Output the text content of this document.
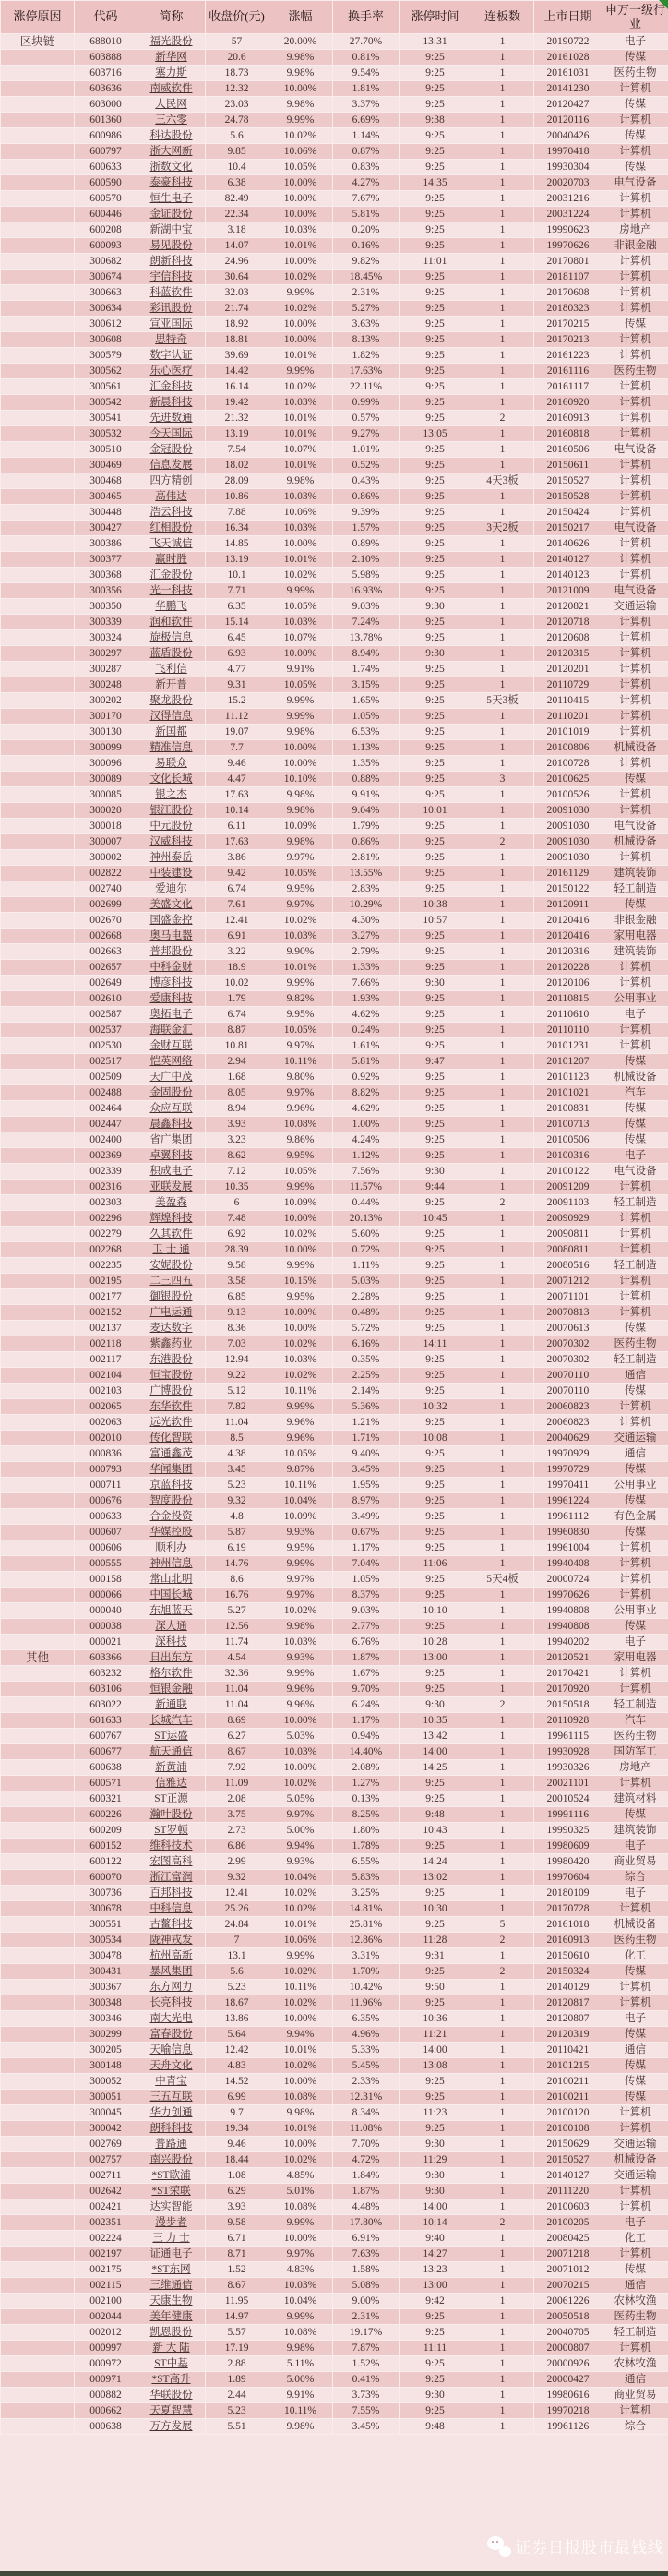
涨停原因	代码	简称	收盘价(元)	涨幅	换手率	涨停时间	连板数	上市日期	申万一级行业
区块链	688010	福光股份	57	20.00%	27.70%	13:31	1	20190722	电子
	603888	新华网	20.6	9.98%	0.81%	9:25	1	20161028	传媒
	603716	塞力斯	18.73	9.98%	9.54%	9:25	1	20161031	医药生物
	603636	南威软件	12.32	10.00%	1.81%	9:25	1	20141230	计算机
	603000	人民网	23.03	9.98%	3.37%	9:25	1	20120427	传媒
	601360	三六零	24.78	9.99%	6.69%	9:38	1	20120116	计算机
	600986	科达股份	5.6	10.02%	1.14%	9:25	1	20040426	传媒
	600797	浙大网新	9.85	10.06%	0.87%	9:25	1	19970418	计算机
	600633	浙数文化	10.4	10.05%	0.83%	9:25	1	19930304	传媒
	600590	泰豪科技	6.38	10.00%	4.27%	14:35	1	20020703	电气设备
	600570	恒生电子	82.49	10.00%	7.67%	9:25	1	20031216	计算机
	600446	金证股份	22.34	10.00%	5.81%	9:25	1	20031224	计算机
	600208	新湖中宝	3.18	10.03%	0.20%	9:25	1	19990623	房地产
	600093	易见股份	14.07	10.01%	0.16%	9:25	1	19970626	非银金融
	300682	朗新科技	24.96	10.00%	9.82%	11:01	1	20170801	计算机
	300674	宇信科技	30.64	10.02%	18.45%	9:25	1	20181107	计算机
	300663	科蓝软件	32.03	9.99%	2.31%	9:25	1	20170608	计算机
	300634	彩讯股份	21.74	10.02%	5.27%	9:25	1	20180323	计算机
	300612	宣亚国际	18.92	10.00%	3.63%	9:25	1	20170215	传媒
	300608	思特奇	18.81	10.00%	8.13%	9:25	1	20170213	计算机
	300579	数字认证	39.69	10.01%	1.82%	9:25	1	20161223	计算机
	300562	乐心医疗	14.42	9.99%	17.63%	9:25	1	20161116	医药生物
	300561	汇金科技	16.14	10.02%	22.11%	9:25	1	20161117	计算机
	300542	新晨科技	19.42	10.03%	0.99%	9:25	1	20160920	计算机
	300541	先进数通	21.32	10.01%	0.57%	9:25	2	20160913	计算机
	300532	今天国际	13.19	10.01%	9.27%	13:05	1	20160818	计算机
	300510	金冠股份	7.54	10.07%	1.01%	9:25	1	20160506	电气设备
	300469	信息发展	18.02	10.01%	0.52%	9:25	1	20150611	计算机
	300468	四方精创	28.09	9.98%	0.43%	9:25	4天3板	20150527	计算机
	300465	高伟达	10.86	10.03%	0.86%	9:25	1	20150528	计算机
	300448	浩云科技	7.88	10.06%	9.39%	9:25	1	20150424	计算机
	300427	红相股份	16.34	10.03%	1.57%	9:25	3天2板	20150217	电气设备
	300386	飞天诚信	14.85	10.00%	0.89%	9:25	1	20140626	计算机
	300377	赢时胜	13.19	10.01%	2.10%	9:25	1	20140127	计算机
	300368	汇金股份	10.1	10.02%	5.98%	9:25	1	20140123	计算机
	300356	光一科技	7.71	9.99%	16.93%	9:25	1	20121009	电气设备
	300350	华鹏飞	6.35	10.05%	9.03%	9:30	1	20120821	交通运输
	300339	润和软件	15.14	10.03%	7.24%	9:25	1	20120718	计算机
	300324	旋极信息	6.45	10.07%	13.78%	9:25	1	20120608	计算机
	300297	蓝盾股份	6.93	10.00%	8.94%	9:30	1	20120315	计算机
	300287	飞利信	4.77	9.91%	1.74%	9:25	1	20120201	计算机
	300248	新开普	9.31	10.05%	3.15%	9:25	1	20110729	计算机
	300202	聚龙股份	15.2	9.99%	1.65%	9:25	5天3板	20110415	计算机
	300170	汉得信息	11.12	9.99%	1.05%	9:25	1	20110201	计算机
	300130	新国都	19.07	9.98%	6.53%	9:25	1	20101019	计算机
	300099	精准信息	7.7	10.00%	1.13%	9:25	1	20100806	机械设备
	300096	易联众	9.46	10.00%	1.35%	9:25	1	20100728	计算机
	300089	文化长城	4.47	10.10%	0.88%	9:25	3	20100625	传媒
	300085	银之杰	17.63	9.98%	9.91%	9:25	1	20100526	计算机
	300020	银江股份	10.14	9.98%	9.04%	10:01	1	20091030	计算机
	300018	中元股份	6.11	10.09%	1.79%	9:25	1	20091030	电气设备
	300007	汉威科技	17.63	9.98%	0.86%	9:25	2	20091030	机械设备
	300002	神州泰岳	3.86	9.97%	2.81%	9:25	1	20091030	计算机
	002822	中装建设	9.42	10.05%	13.55%	9:25	1	20161129	建筑装饰
	002740	爱迪尔	6.74	9.95%	2.83%	9:25	1	20150122	轻工制造
	002699	美盛文化	7.61	9.97%	10.29%	10:38	1	20120911	传媒
	002670	国盛金控	12.41	10.02%	4.30%	10:57	1	20120416	非银金融
	002668	奥马电器	6.91	10.03%	3.27%	9:25	1	20120416	家用电器
	002663	普邦股份	3.22	9.90%	2.79%	9:25	1	20120316	建筑装饰
	002657	中科金财	18.9	10.01%	1.33%	9:25	1	20120228	计算机
	002649	博彦科技	10.02	9.99%	7.66%	9:30	1	20120106	计算机
	002610	爱康科技	1.79	9.82%	1.93%	9:25	1	20110815	公用事业
	002587	奥拓电子	6.74	9.95%	4.62%	9:25	1	20110610	电子
	002537	海联金汇	8.87	10.05%	0.24%	9:25	1	20110110	计算机
	002530	金财互联	10.81	9.97%	1.61%	9:25	1	20101231	计算机
	002517	恺英网络	2.94	10.11%	5.81%	9:47	1	20101207	传媒
	002509	天广中茂	1.68	9.80%	0.92%	9:25	1	20101123	机械设备
	002488	金固股份	8.05	9.97%	8.82%	9:25	1	20101021	汽车
	002464	众应互联	8.94	9.96%	4.62%	9:25	1	20100831	传媒
	002447	晨鑫科技	3.93	10.08%	1.00%	9:25	1	20100713	传媒
	002400	省广集团	3.23	9.86%	4.24%	9:25	1	20100506	传媒
	002369	卓翼科技	8.62	9.95%	1.12%	9:25	1	20100316	电子
	002339	积成电子	7.12	10.05%	7.56%	9:30	1	20100122	电气设备
	002316	亚联发展	10.35	9.99%	11.57%	9:44	1	20091209	计算机
	002303	美盈森	6	10.09%	0.44%	9:25	2	20091103	轻工制造
	002296	辉煌科技	7.48	10.00%	20.13%	10:45	1	20090929	计算机
	002279	久其软件	6.92	10.02%	5.60%	9:25	1	20090811	计算机
	002268	卫 士 通	28.39	10.00%	0.72%	9:25	1	20080811	计算机
	002235	安妮股份	9.58	9.99%	1.11%	9:25	1	20080516	轻工制造
	002195	二三四五	3.58	10.15%	5.03%	9:25	1	20071212	计算机
	002177	御银股份	6.85	9.95%	2.28%	9:25	1	20071101	计算机
	002152	广电运通	9.13	10.00%	0.48%	9:25	1	20070813	计算机
	002137	麦达数字	8.36	10.00%	5.72%	9:25	1	20070613	传媒
	002118	紫鑫药业	7.03	10.02%	6.16%	14:11	1	20070302	医药生物
	002117	东港股份	12.94	10.03%	0.35%	9:25	1	20070302	轻工制造
	002104	恒宝股份	9.22	10.02%	2.25%	9:25	1	20070110	通信
	002103	广博股份	5.12	10.11%	2.14%	9:25	1	20070110	传媒
	002065	东华软件	7.82	9.99%	5.36%	10:32	1	20060823	计算机
	002063	远光软件	11.04	9.96%	1.21%	9:25	1	20060823	计算机
	002010	传化智联	8.5	9.96%	1.71%	10:08	1	20040629	交通运输
	000836	富通鑫茂	4.38	10.05%	9.40%	9:25	1	19970929	通信
	000793	华闻集团	3.45	9.87%	3.45%	9:25	1	19970729	传媒
	000711	京蓝科技	5.23	10.11%	1.95%	9:25	1	19970411	公用事业
	000676	智度股份	9.32	10.04%	8.97%	9:25	1	19961224	传媒
	000633	合金投资	4.8	10.09%	3.49%	9:25	1	19961112	有色金属
	000607	华媒控股	5.87	9.93%	0.67%	9:25	1	19960830	传媒
	000606	顺利办	6.19	9.95%	1.17%	9:25	1	19961004	计算机
	000555	神州信息	14.76	9.99%	7.04%	11:06	1	19940408	计算机
	000158	常山北明	8.6	9.97%	1.05%	9:25	5天4板	20000724	计算机
	000066	中国长城	16.76	9.97%	8.37%	9:25	1	19970626	计算机
	000040	东旭蓝天	5.27	10.02%	9.03%	10:10	1	19940808	公用事业
	000038	深大通	12.56	9.98%	2.77%	9:25	1	19940808	传媒
	000021	深科技	11.74	10.03%	6.76%	10:28	1	19940202	电子
其他	603366	日出东方	4.54	9.93%	1.87%	13:00	1	20120521	家用电器
	603232	格尔软件	32.36	9.99%	1.67%	9:25	1	20170421	计算机
	603106	恒银金融	11.04	9.96%	9.70%	9:25	1	20170920	计算机
	603022	新通联	11.04	9.96%	6.24%	9:30	2	20150518	轻工制造
	601633	长城汽车	8.69	10.00%	1.17%	10:35	1	20110928	汽车
	600767	ST运盛	6.27	5.03%	0.94%	13:42	1	19961115	医药生物
	600677	航天通信	8.67	10.03%	14.40%	14:00	1	19930928	国防军工
	600638	新黄浦	7.92	10.00%	2.08%	14:25	1	19930326	房地产
	600571	信雅达	11.09	10.02%	1.27%	9:25	1	20021101	计算机
	600321	ST正源	2.08	5.05%	0.13%	9:25	1	20010524	建筑材料
	600226	瀚叶股份	3.75	9.97%	8.25%	9:48	1	19991116	传媒
	600209	ST罗顿	2.73	5.00%	1.80%	10:43	1	19990325	建筑装饰
	600152	维科技术	6.86	9.94%	1.78%	9:25	1	19980609	电子
	600122	宏图高科	2.99	9.93%	6.55%	14:24	1	19980420	商业贸易
	600070	浙江富润	9.32	10.04%	5.83%	13:02	1	19970604	综合
	300736	百邦科技	12.41	10.02%	3.25%	9:25	1	20180109	电子
	300678	中科信息	25.26	10.02%	14.81%	10:30	1	20170728	计算机
	300551	古鳌科技	24.84	10.01%	25.81%	9:25	5	20161018	机械设备
	300534	陇神戎发	7	10.06%	12.86%	11:28	2	20160913	医药生物
	300478	杭州高新	13.1	9.99%	3.31%	9:31	1	20150610	化工
	300431	暴风集团	5.6	10.02%	1.70%	9:25	2	20150324	传媒
	300367	东方网力	5.23	10.11%	10.42%	9:50	1	20140129	计算机
	300348	长亮科技	18.67	10.02%	11.96%	9:25	1	20120817	计算机
	300346	南大光电	13.86	10.00%	6.35%	10:36	1	20120807	电子
	300299	富春股份	5.64	9.94%	4.96%	11:21	1	20120319	传媒
	300205	天喻信息	12.42	10.01%	5.33%	14:00	1	20110421	通信
	300148	天舟文化	4.83	10.02%	5.45%	13:08	1	20101215	传媒
	300052	中青宝	14.52	10.00%	2.33%	9:25	1	20100211	传媒
	300051	三五互联	6.99	10.08%	12.31%	9:25	1	20100211	传媒
	300045	华力创通	9.7	9.98%	8.34%	11:23	1	20100120	计算机
	300042	朗科科技	19.34	10.01%	11.08%	9:25	1	20100108	计算机
	002769	普路通	9.46	10.00%	7.70%	9:30	1	20150629	交通运输
	002757	南兴股份	18.44	10.02%	4.72%	11:29	1	20150527	机械设备
	002711	*ST欧浦	1.08	4.85%	1.84%	9:30	1	20140127	交通运输
	002642	*ST荣联	6.29	5.01%	1.87%	9:30	1	20111220	计算机
	002421	达实智能	3.93	10.08%	4.48%	14:00	1	20100603	计算机
	002351	漫步者	9.58	9.99%	17.80%	10:14	2	20100205	电子
	002224	三 力 士	6.71	10.00%	6.91%	9:40	1	20080425	化工
	002197	证通电子	8.71	9.97%	7.63%	14:27	1	20071218	计算机
	002175	*ST东网	1.52	4.83%	1.58%	13:23	1	20071012	传媒
	002115	三维通信	8.67	10.03%	5.08%	13:00	1	20070215	通信
	002100	天康生物	11.95	10.04%	9.00%	9:42	1	20061226	农林牧渔
	002044	美年健康	14.97	9.99%	2.31%	9:25	1	20050518	医药生物
	002012	凯恩股份	5.57	10.08%	19.17%	9:25	1	20040705	轻工制造
	000997	新 大 陆	17.19	9.98%	7.87%	11:11	1	20000807	计算机
	000972	ST中基	2.88	5.11%	1.52%	9:25	1	20000926	农林牧渔
	000971	*ST高升	1.89	5.00%	0.41%	9:25	1	20000427	通信
	000882	华联股份	2.44	9.91%	3.73%	9:30	1	19980616	商业贸易
	000662	天夏智慧	5.23	10.11%	7.55%	9:25	1	19970218	计算机
	000638	万方发展	5.51	9.98%	3.45%	9:48	1	19961126	综合
证券日报股市最钱线
